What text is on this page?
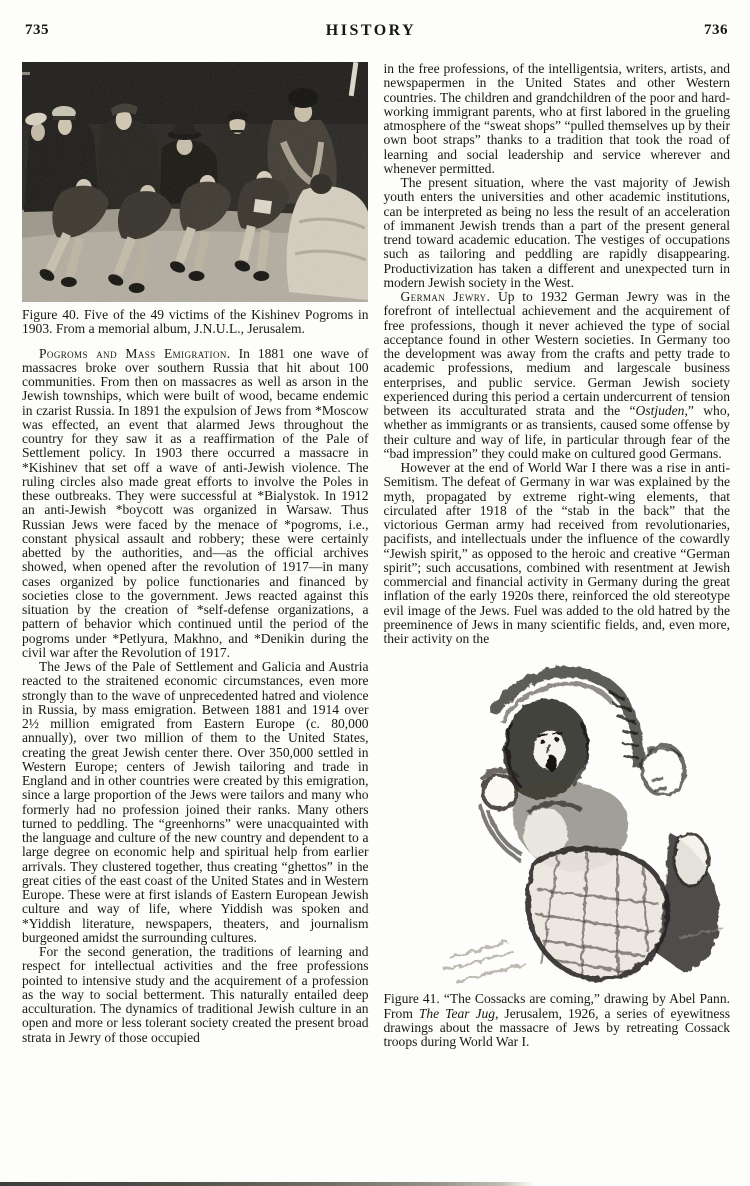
735	HISTORY	736

Figure 40. Five of the 49 victims of the Kishinev Pogroms in 1903. From a memorial album, J.N.U.L., Jerusalem.

Pogroms and Mass Emigration. In 1881 one wave of massacres broke over southern Russia that hit about 100 communities. From then on massacres as well as arson in the Jewish townships, which were built of wood, became endemic in czarist Russia. In 1891 the expulsion of Jews from *Moscow was effected, an event that alarmed Jews throughout the country for they saw it as a reaffirmation of the Pale of Settlement policy. In 1903 there occurred a massacre in *Kishinev that set off a wave of anti-Jewish violence. The ruling circles also made great efforts to involve the Poles in these outbreaks. They were successful at *Bialystok. In 1912 an anti-Jewish *boycott was organized in Warsaw. Thus Russian Jews were faced by the menace of *pogroms, i.e., constant physical assault and robbery; these were certainly abetted by the authorities, and—as the official archives showed, when opened after the revolution of 1917—in many cases organized by police functionaries and financed by societies close to the government. Jews reacted against this situation by the creation of *self-defense organizations, a pattern of behavior which continued until the period of the pogroms under *Petlyura, Makhno, and *Denikin during the civil war after the Revolution of 1917.

The Jews of the Pale of Settlement and Galicia and Austria reacted to the straitened economic circumstances, even more strongly than to the wave of unprecedented hatred and violence in Russia, by mass emigration. Between 1881 and 1914 over 2½ million emigrated from Eastern Europe (c. 80,000 annually), over two million of them to the United States, creating the great Jewish center there. Over 350,000 settled in Western Europe; centers of Jewish tailoring and trade in England and in other countries were created by this emigration, since a large proportion of the Jews were tailors and many who formerly had no profession joined their ranks. Many others turned to peddling. The “greenhorns” were unacquainted with the language and culture of the new country and dependent to a large degree on economic help and spiritual help from earlier arrivals. They clustered together, thus creating “ghettos” in the great cities of the east coast of the United States and in Western Europe. These were at first islands of Eastern European Jewish culture and way of life, where Yiddish was spoken and *Yiddish literature, newspapers, theaters, and journalism burgeoned amidst the surrounding cultures.

For the second generation, the traditions of learning and respect for intellectual activities and the free professions pointed to intensive study and the acquirement of a profession as the way to social betterment. This naturally entailed deep acculturation. The dynamics of traditional Jewish culture in an open and more or less tolerant society created the present broad strata in Jewry of those occupied

in the free professions, of the intelligentsia, writers, artists, and newspapermen in the United States and other Western countries. The children and grandchildren of the poor and hard-working immigrant parents, who at first labored in the grueling atmosphere of the “sweat shops” “pulled themselves up by their own boot straps” thanks to a tradition that took the road of learning and social leadership and service wherever and whenever permitted.

The present situation, where the vast majority of Jewish youth enters the universities and other academic institutions, can be interpreted as being no less the result of an acceleration of immanent Jewish trends than a part of the present general trend toward academic education. The vestiges of occupations such as tailoring and peddling are rapidly disappearing. Productivization has taken a different and unexpected turn in modern Jewish society in the West.

German Jewry. Up to 1932 German Jewry was in the forefront of intellectual achievement and the acquirement of free professions, though it never achieved the type of social acceptance found in other Western societies. In Germany too the development was away from the crafts and petty trade to academic professions, medium and largescale business enterprises, and public service. German Jewish society experienced during this period a certain undercurrent of tension between its acculturated strata and the “Ostjuden,” who, whether as immigrants or as transients, caused some offense by their culture and way of life, in particular through fear of the “bad impression” they could make on cultured good Germans.

However at the end of World War I there was a rise in anti-Semitism. The defeat of Germany in war was explained by the myth, propagated by extreme right-wing elements, that circulated after 1918 of the “stab in the back” that the victorious German army had received from revolutionaries, pacifists, and intellectuals under the influence of the cowardly “Jewish spirit,” as opposed to the heroic and creative “German spirit”; such accusations, combined with resentment at Jewish commercial and financial activity in Germany during the great inflation of the early 1920s there, reinforced the old stereotype evil image of the Jews. Fuel was added to the old hatred by the preeminence of Jews in many scientific fields, and, even more, their activity on the

Figure 41. “The Cossacks are coming,” drawing by Abel Pann. From The Tear Jug, Jerusalem, 1926, a series of eyewitness drawings about the massacre of Jews by retreating Cossack troops during World War I.
